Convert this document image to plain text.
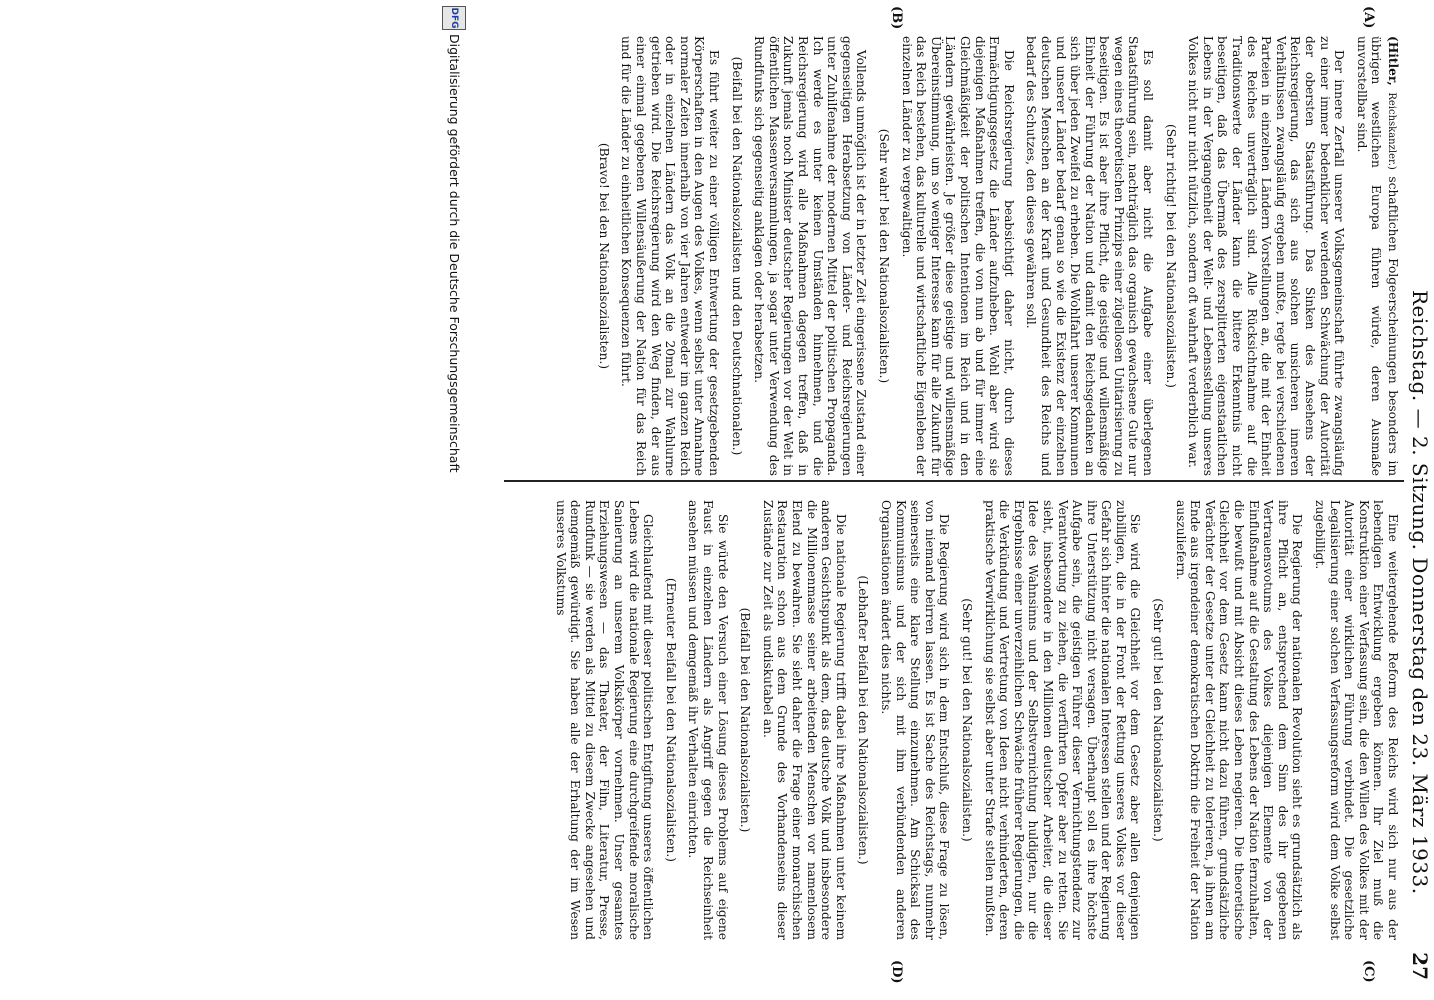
Reichstag. — 2. Sitzung. Donnerstag den 23. März 1933.
27
(A)
(B)
(C)
(D)

(Hitler, Reichskanzler.) schaftlichen Folgeerscheinungen besonders im übrigen westlichen Europa führen würde, deren Ausmaße unvorstellbar sind.

Der innere Zerfall unserer Volksgemeinschaft führte zwangsläufig zu einer immer bedenklicher werdenden Schwächung der Autorität der obersten Staatsführung. Das Sinken des Ansehens der Reichsregierung, das sich aus solchen unsicheren inneren Verhältnissen zwangsläufig ergeben mußte, regte bei verschiedenen Parteien in einzelnen Ländern Vorstellungen an, die mit der Einheit des Reiches unverträglich sind. Alle Rücksichtnahme auf die Traditionswerte der Länder kann die bittere Erkenntnis nicht beseitigen, daß das Übermaß des zersplitterten eigenstaatlichen Lebens in der Vergangenheit der Welt- und Lebensstellung unseres Volkes nicht nur nicht nützlich, sondern oft wahrhaft verderblich war.

(Sehr richtig! bei den Nationalsozialisten.)

Es soll damit aber nicht die Aufgabe einer überlegenen Staatsführung sein, nachträglich das organisch gewachsene Gute nur wegen eines theoretischen Prinzips einer zügellosen Unitarisierung zu beseitigen. Es ist aber ihre Pflicht, die geistige und willensmäßige Einheit der Führung der Nation und damit den Reichsgedanken an sich über jeden Zweifel zu erheben. Die Wohlfahrt unserer Kommunen und unserer Länder bedarf genau so wie die Existenz der einzelnen deutschen Menschen an der Kraft und Gesundheit des Reichs und bedarf des Schutzes, den dieses gewähren soll.

Die Reichsregierung beabsichtigt daher nicht, durch dieses Ermächtigungsgesetz die Länder aufzuheben. Wohl aber wird sie diejenigen Maßnahmen treffen, die von nun ab und für immer eine Gleichmäßigkeit der politischen Intentionen im Reich und in den Ländern gewährleisten. Je größer diese geistige und willensmäßige Übereinstimmung, um so weniger Interesse kann für alle Zukunft für das Reich bestehen, das kulturelle und wirtschaftliche Eigenleben der einzelnen Länder zu vergewaltigen.

(Sehr wahr! bei den Nationalsozialisten.)

Vollends unmöglich ist der in letzter Zeit eingerissene Zustand einer gegenseitigen Herabsetzung von Länder- und Reichsregierungen unter Zuhilfenahme der modernen Mittel der politischen Propaganda. Ich werde es unter keinen Umständen hinnehmen, und die Reichsregierung wird alle Maßnahmen dagegen treffen, daß in Zukunft jemals noch Minister deutscher Regierungen vor der Welt in öffentlichen Massenversammlungen, ja sogar unter Verwendung des Rundfunks sich gegenseitig anklagen oder herabsetzen.

(Beifall bei den Nationalsozialisten und den Deutschnationalen.)

Es führt weiter zu einer völligen Entwertung der gesetzgebenden Körperschaften in den Augen des Volkes, wenn selbst unter Annahme normaler Zeiten innerhalb von vier Jahren entweder im ganzen Reich oder in einzelnen Ländern das Volk an die 20mal zur Wahlurne getrieben wird. Die Reichsregierung wird den Weg finden, der aus einer einmal gegebenen Willensäußerung der Nation für das Reich und für die Länder zu einheitlichen Konsequenzen führt.

(Bravo! bei den Nationalsozialisten.)

Eine weitergehende Reform des Reichs wird sich nur aus der lebendigen Entwicklung ergeben können. Ihr Ziel muß die Konstruktion einer Verfassung sein, die den Willen des Volkes mit der Autorität einer wirklichen Führung verbindet. Die gesetzliche Legalisierung einer solchen Verfassungsreform wird dem Volke selbst zugebilligt.

Die Regierung der nationalen Revolution sieht es grundsätzlich als ihre Pflicht an, entsprechend dem Sinn des ihr gegebenen Vertrauensvotums des Volkes diejenigen Elemente von der Einflußnahme auf die Gestaltung des Lebens der Nation fernzuhalten, die bewußt und mit Absicht dieses Leben negieren. Die theoretische Gleichheit vor dem Gesetz kann nicht dazu führen, grundsätzliche Verächter der Gesetze unter der Gleichheit zu tolerieren, ja ihnen am Ende aus irgendeiner demokratischen Doktrin die Freiheit der Nation auszuliefern.

(Sehr gut! bei den Nationalsozialisten.)

Sie wird die Gleichheit vor dem Gesetz aber allen denjenigen zubilligen, die in der Front der Rettung unseres Volkes vor dieser Gefahr sich hinter die nationalen Interessen stellen und der Regierung ihre Unterstützung nicht versagen. Überhaupt soll es ihre höchste Aufgabe sein, die geistigen Führer dieser Vernichtungstendenz zur Verantwortung zu ziehen, die verführten Opfer aber zu retten. Sie sieht, insbesondere in den Millionen deutscher Arbeiter, die dieser Idee des Wahnsinns und der Selbstvernichtung huldigten, nur die Ergebnisse einer unverzeihlichen Schwäche früherer Regierungen, die die Verkündung und Vertretung von Ideen nicht verhinderten, deren praktische Verwirklichung sie selbst aber unter Strafe stellen mußten.

(Sehr gut! bei den Nationalsozialisten.)

Die Regierung wird sich in dem Entschluß, diese Frage zu lösen, von niemand beirren lassen. Es ist Sache des Reichstags, nunmehr seinerseits eine klare Stellung einzunehmen. Am Schicksal des Kommunismus und der sich mit ihm verbündenden anderen Organisationen ändert dies nichts.

(Lebhafter Beifall bei den Nationalsozialisten.)

Die nationale Regierung trifft dabei ihre Maßnahmen unter keinem anderen Gesichtspunkt als dem, das deutsche Volk und insbesondere die Millionenmasse seiner arbeitenden Menschen vor namenlosem Elend zu bewahren. Sie sieht daher die Frage einer monarchischen Restauration schon aus dem Grunde des Vorhandenseins dieser Zustände zur Zeit als undiskutabel an.

(Beifall bei den Nationalsozialisten.)

Sie würde den Versuch einer Lösung dieses Problems auf eigene Faust in einzelnen Ländern als Angriff gegen die Reichseinheit ansehen müssen und demgemäß ihr Verhalten einrichten.

(Erneuter Beifall bei den Nationalsozialisten.)

Gleichlaufend mit dieser politischen Entgiftung unseres öffentlichen Lebens wird die nationale Regierung eine durchgreifende moralische Sanierung an unserem Volkskörper vornehmen. Unser gesamtes Erziehungswesen — das Theater, der Film, Literatur, Presse, Rundfunk — sie werden als Mittel zu diesem Zwecke angesehen und demgemäß gewürdigt. Sie haben alle der Erhaltung der im Wesen unseres Volkstums

DFG
Digitalisierung gefördert durch die Deutsche Forschungsgemeinschaft
